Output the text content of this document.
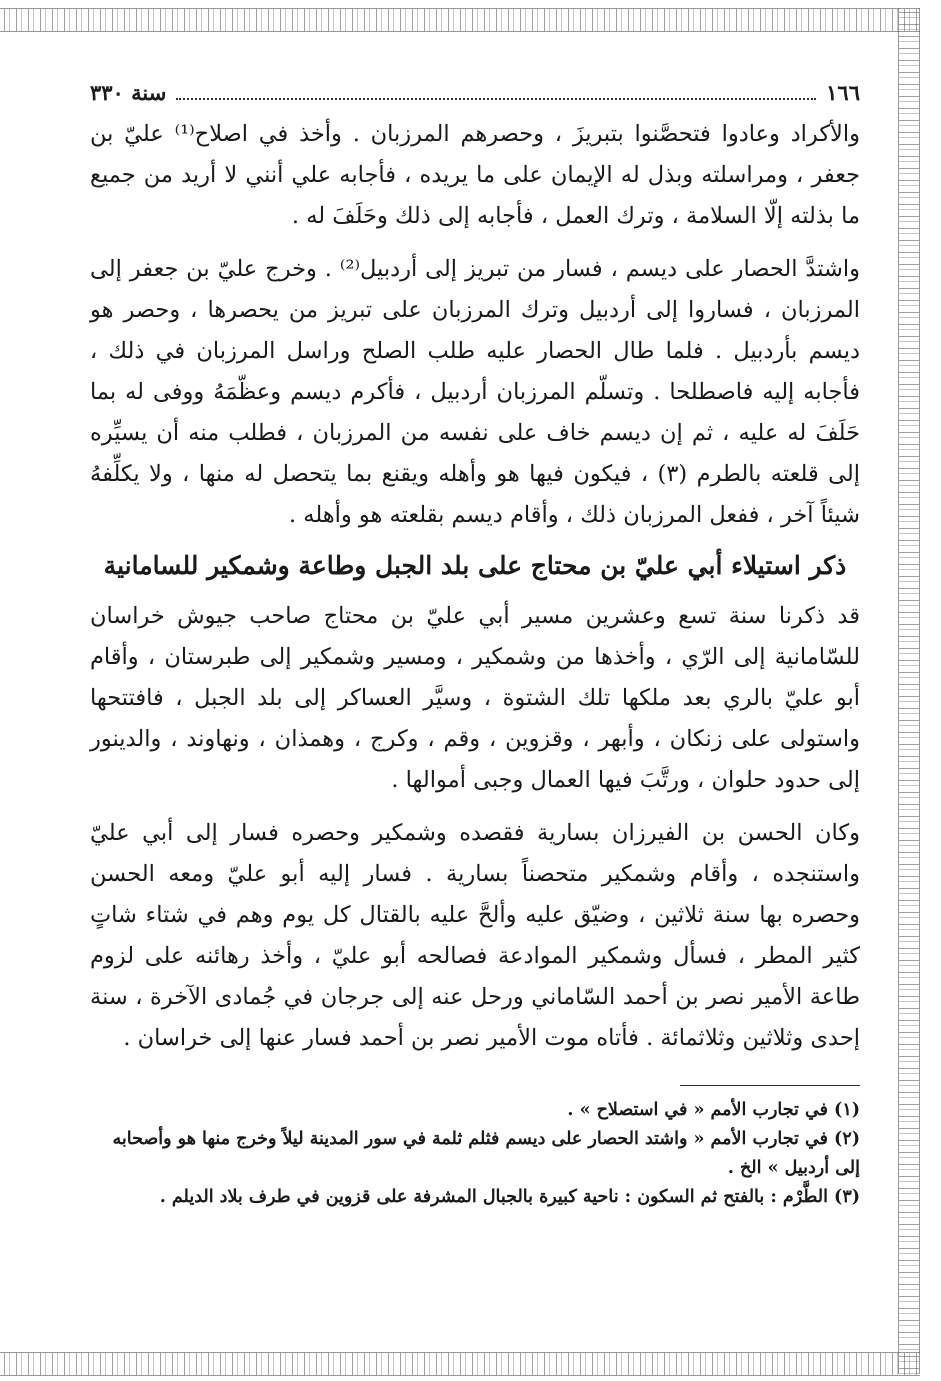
١٦٦
سنة ٣٣٠

والأكراد وعادوا فتحصَّنوا بتبريزَ ، وحصرهم المرزبان . وأخذ في اصلاح⁽¹⁾ عليّ بن جعفر ، ومراسلته وبذل له الإيمان على ما يريده ، فأجابه علي أنني لا أريد من جميع ما بذلته إلّا السلامة ، وترك العمل ، فأجابه إلى ذلك وحَلَفَ له .

واشتدَّ الحصار على ديسم ، فسار من تبريز إلى أردبيل⁽²⁾ . وخرج عليّ بن جعفر إلى المرزبان ، فساروا إلى أردبيل وترك المرزبان على تبريز من يحصرها ، وحصر هو ديسم بأردبيل . فلما طال الحصار عليه طلب الصلح وراسل المرزبان في ذلك ، فأجابه إليه فاصطلحا . وتسلّم المرزبان أردبيل ، فأكرم ديسم وعظّمَهُ ووفى له بما حَلَفَ له عليه ، ثم إن ديسم خاف على نفسه من المرزبان ، فطلب منه أن يسيِّره إلى قلعته بالطرم (٣) ، فيكون فيها هو وأهله ويقنع بما يتحصل له منها ، ولا يكلِّفهُ شيئاً آخر ، ففعل المرزبان ذلك ، وأقام ديسم بقلعته هو وأهله .

ذكر استيلاء أبي عليّ بن محتاج على بلد الجبل وطاعة وشمكير للسامانية

قد ذكرنا سنة تسع وعشرين مسير أبي عليّ بن محتاج صاحب جيوش خراسان للسّامانية إلى الرّي ، وأخذها من وشمكير ، ومسير وشمكير إلى طبرستان ، وأقام أبو عليّ بالري بعد ملكها تلك الشتوة ، وسيَّر العساكر إلى بلد الجبل ، فافتتحها واستولى على زنكان ، وأبهر ، وقزوين ، وقم ، وكرج ، وهمذان ، ونهاوند ، والدينور إلى حدود حلوان ، ورتَّبَ فيها العمال وجبى أموالها .

وكان الحسن بن الفيرزان بسارية فقصده وشمكير وحصره فسار إلى أبي عليّ واستنجده ، وأقام وشمكير متحصناً بسارية . فسار إليه أبو عليّ ومعه الحسن وحصره بها سنة ثلاثين ، وضيّق عليه وألحَّ عليه بالقتال كل يوم وهم في شتاء شاتٍ كثير المطر ، فسأل وشمكير الموادعة فصالحه أبو عليّ ، وأخذ رهائنه على لزوم طاعة الأمير نصر بن أحمد السّاماني ورحل عنه إلى جرجان في جُمادى الآخرة ، سنة إحدى وثلاثين وثلاثمائة . فأتاه موت الأمير نصر بن أحمد فسار عنها إلى خراسان .

(١) في تجارب الأمم « في استصلاح » .

(٢) في تجارب الأمم « واشتد الحصار على ديسم فثلم ثلمة في سور المدينة ليلاً وخرج منها هو وأصحابه إلى أردبيل » الخ .

(٣) الطَّرْم : بالفتح ثم السكون : ناحية كبيرة بالجبال المشرفة على قزوين في طرف بلاد الديلم .
